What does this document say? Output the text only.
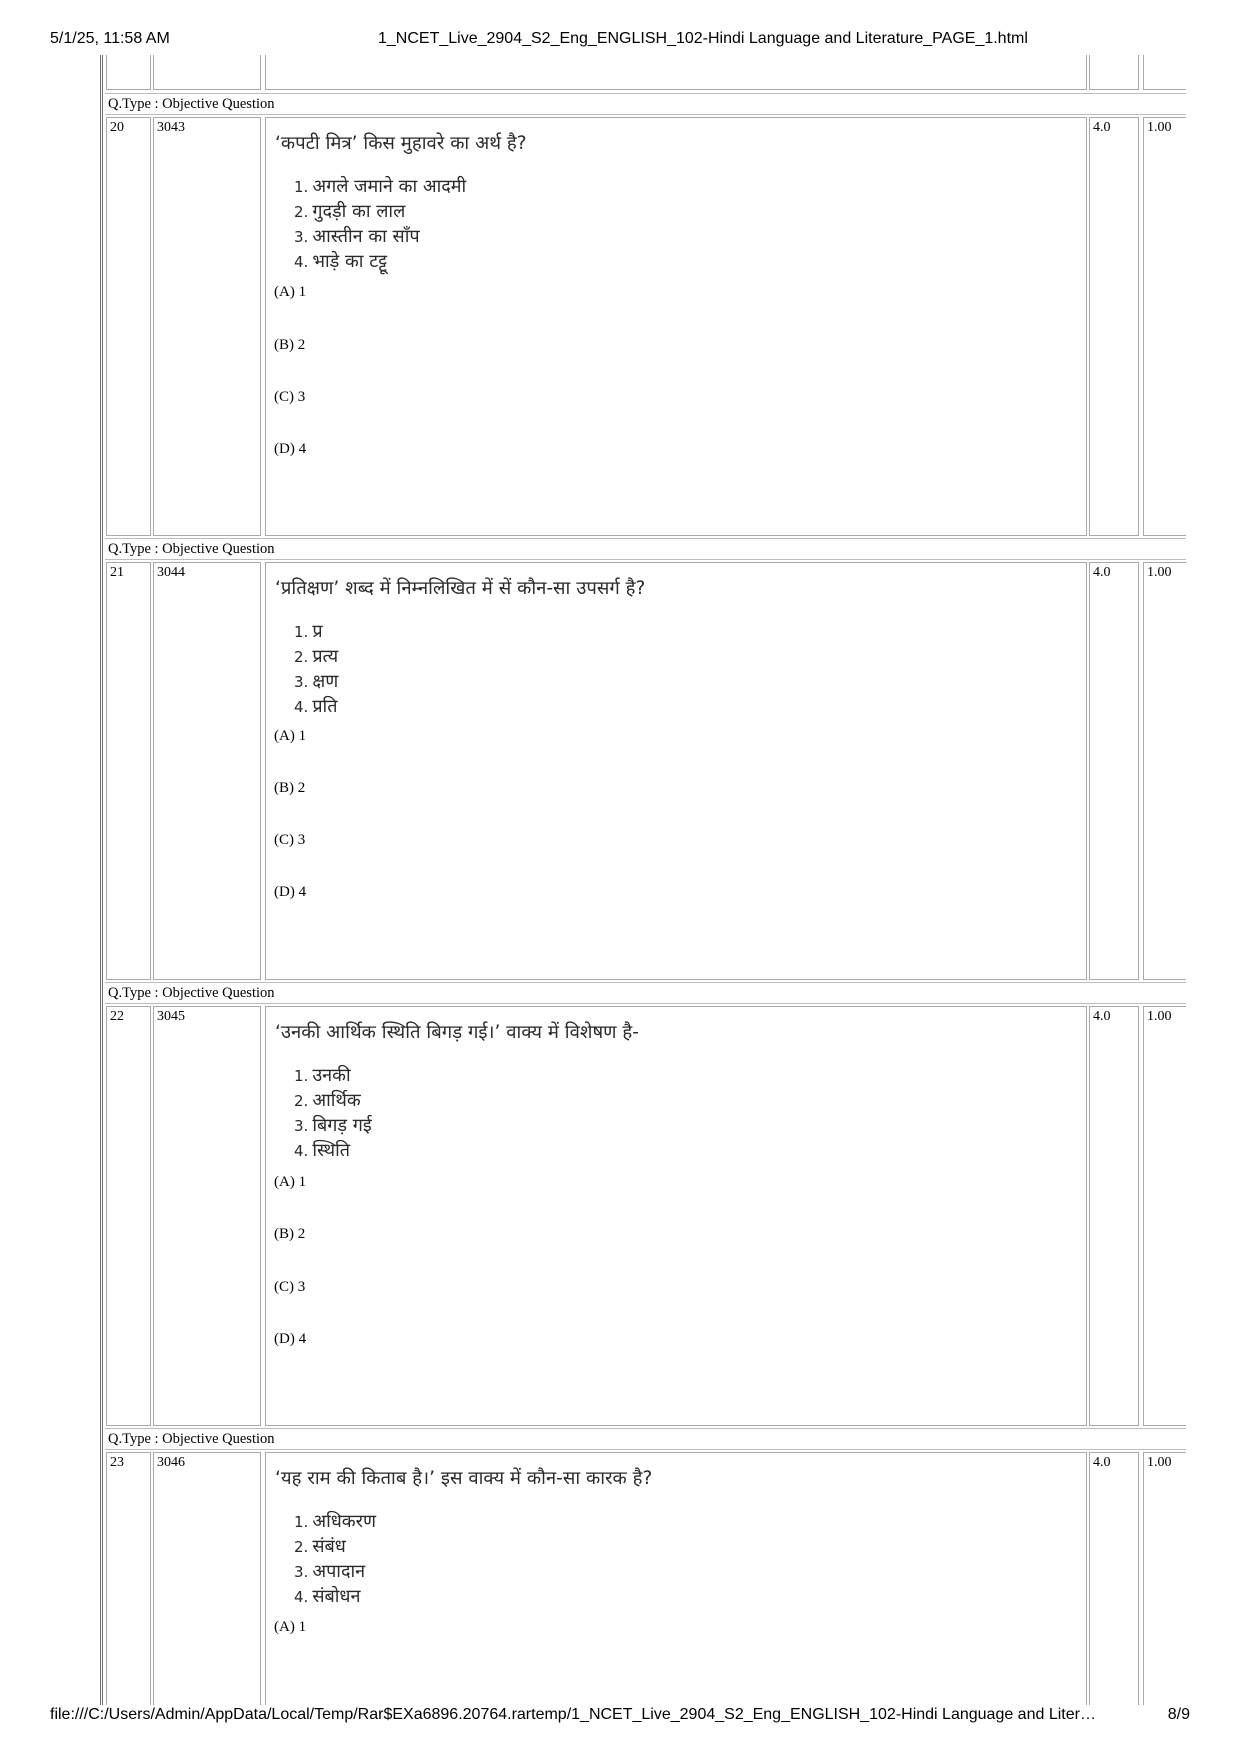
5/1/25, 11:58 AM	1_NCET_Live_2904_S2_Eng_ENGLISH_102-Hindi Language and Literature_PAGE_1.html
Q.Type : Objective Question
20	3043
‘कपटी मित्र’ किस मुहावरे का अर्थ है?
1. अगले जमाने का आदमी
2. गुदड़ी का लाल
3. आस्तीन का साँप
4. भाड़े का टट्टू
(A) 1
(B) 2
(C) 3
(D) 4
4.0	1.00
Q.Type : Objective Question
21	3044
‘प्रतिक्षण’ शब्द में निम्नलिखित में सें कौन-सा उपसर्ग है?
1. प्र
2. प्रत्य
3. क्षण
4. प्रति
(A) 1
(B) 2
(C) 3
(D) 4
4.0	1.00
Q.Type : Objective Question
22	3045
‘उनकी आर्थिक स्थिति बिगड़ गई।’ वाक्य में विशेषण है-
1. उनकी
2. आर्थिक
3. बिगड़ गई
4. स्थिति
(A) 1
(B) 2
(C) 3
(D) 4
4.0	1.00
Q.Type : Objective Question
23	3046
‘यह राम की किताब है।’ इस वाक्य में कौन-सा कारक है?
1. अधिकरण
2. संबंध
3. अपादान
4. संबोधन
(A) 1
4.0	1.00
file:///C:/Users/Admin/AppData/Local/Temp/Rar$EXa6896.20764.rartemp/1_NCET_Live_2904_S2_Eng_ENGLISH_102-Hindi Language and Liter…	8/9
